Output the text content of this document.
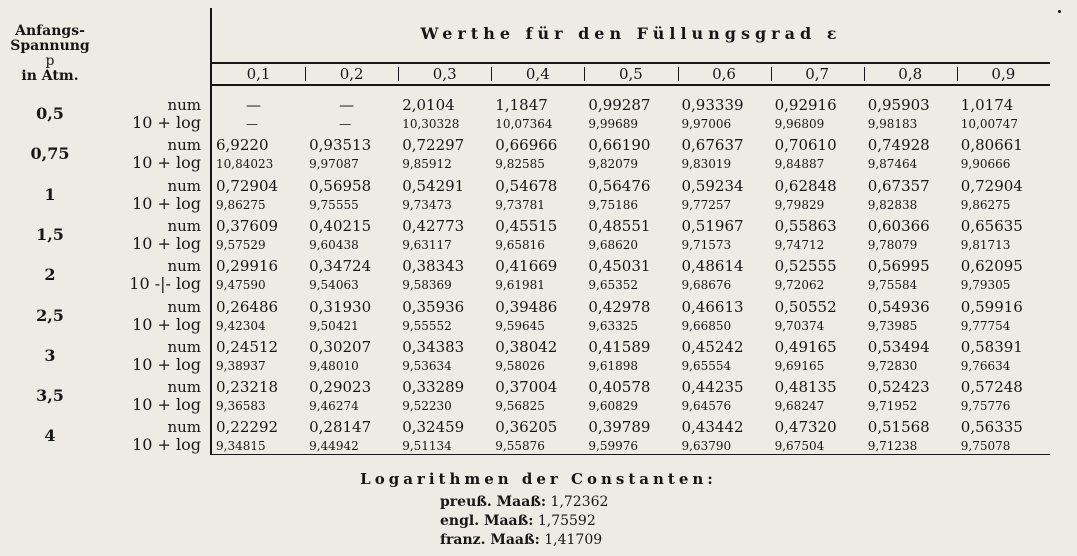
Anfangs-
Spannung
p
in Atm.
Werthe für den Füllungsgrad ε
0,1	0,2	0,3	0,4	0,5	0,6	0,7	0,8	0,9
0,5	num
10 + log
—	—	2,0104	1,1847	0,99287 0,93339 0,92916 0,95903 1,0174
—	—	10,30328	10,07364	9,99689	9,97006	9,96809	9,98183	10,00747
0,75	num
10 + log
6,9220	0,93513 0,72297 0,66966 0,66190 0,67637 0,70610 0,74928 0,80661
10,84023	9,97087	9,85912	9,82585	9,82079	9,83019	9,84887	9,87464	9,90666
1	num
10 + log
0,72904 0,56958 0,54291 0,54678 0,56476 0,59234 0,62848 0,67357 0,72904
9,86275	9,75555	9,73473	9,73781	9,75186	9,77257	9,79829	9,82838	9,86275
1,5	num
10 + log
0,37609 0,40215 0,42773 0,45515 0,48551 0,51967 0,55863 0,60366 0,65635
9,57529	9,60438	9,63117	9,65816	9,68620	9,71573	9,74712	9,78079	9,81713
2	num
10 -|- log
0,29916 0,34724 0,38343 0,41669 0,45031 0,48614 0,52555 0,56995 0,62095
9,47590	9,54063	9,58369	9,61981	9,65352	9,68676	9,72062	9,75584	9,79305
2,5	num
10 + log
0,26486 0,31930 0,35936 0,39486 0,42978 0,46613 0,50552 0,54936 0,59916
9,42304	9,50421	9,55552	9,59645	9,63325	9,66850	9,70374	9,73985	9,77754
3	num
10 + log
0,24512 0,30207 0,34383 0,38042 0,41589 0,45242 0,49165 0,53494 0,58391
9,38937	9,48010	9,53634	9,58026	9,61898	9,65554	9,69165	9,72830	9,76634
3,5	num
10 + log
0,23218 0,29023 0,33289 0,37004 0,40578 0,44235 0,48135 0,52423 0,57248
9,36583	9,46274	9,52230	9,56825	9,60829	9,64576	9,68247	9,71952	9,75776
4	num
10 + log
0,22292 0,28147 0,32459 0,36205 0,39789 0,43442 0,47320 0,51568 0,56335
9,34815	9,44942	9,51134	9,55876	9,59976	9,63790	9,67504	9,71238	9,75078
Logarithmen der Constanten:
preuß. Maaß: 1,72362
engl. Maaß: 1,75592
franz. Maaß: 1,41709
